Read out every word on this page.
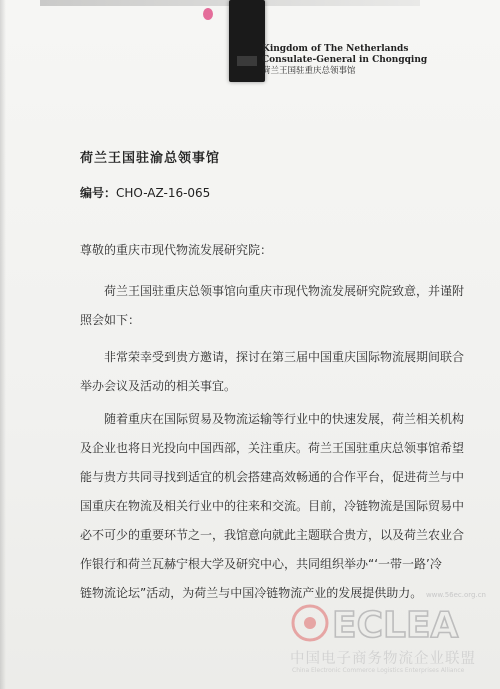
Kingdom of The Netherlands
Consulate-General in Chongqing
荷兰王国驻重庆总领事馆
荷兰王国驻渝总领事馆
编号：CHO-AZ-16-065
尊敬的重庆市现代物流发展研究院：
荷兰王国驻重庆总领事馆向重庆市现代物流发展研究院致意，并谨附
照会如下：
非常荣幸受到贵方邀请，探讨在第三届中国重庆国际物流展期间联合
举办会议及活动的相关事宜。
随着重庆在国际贸易及物流运输等行业中的快速发展，荷兰相关机构
及企业也将日光投向中国西部，关注重庆。荷兰王国驻重庆总领事馆希望
能与贵方共同寻找到适宜的机会搭建高效畅通的合作平台，促进荷兰与中
国重庆在物流及相关行业中的往来和交流。目前，冷链物流是国际贸易中
必不可少的重要环节之一，我馆意向就此主题联合贵方，以及荷兰农业合
作银行和荷兰瓦赫宁根大学及研究中心，共同组织举办“‘一带一路’冷
链物流论坛”活动，为荷兰与中国冷链物流产业的发展提供助力。 www.56ec.org.cn
ECLEA
中国电子商务物流企业联盟
China Electronic Commerce Logistics Enterprises Alliance
